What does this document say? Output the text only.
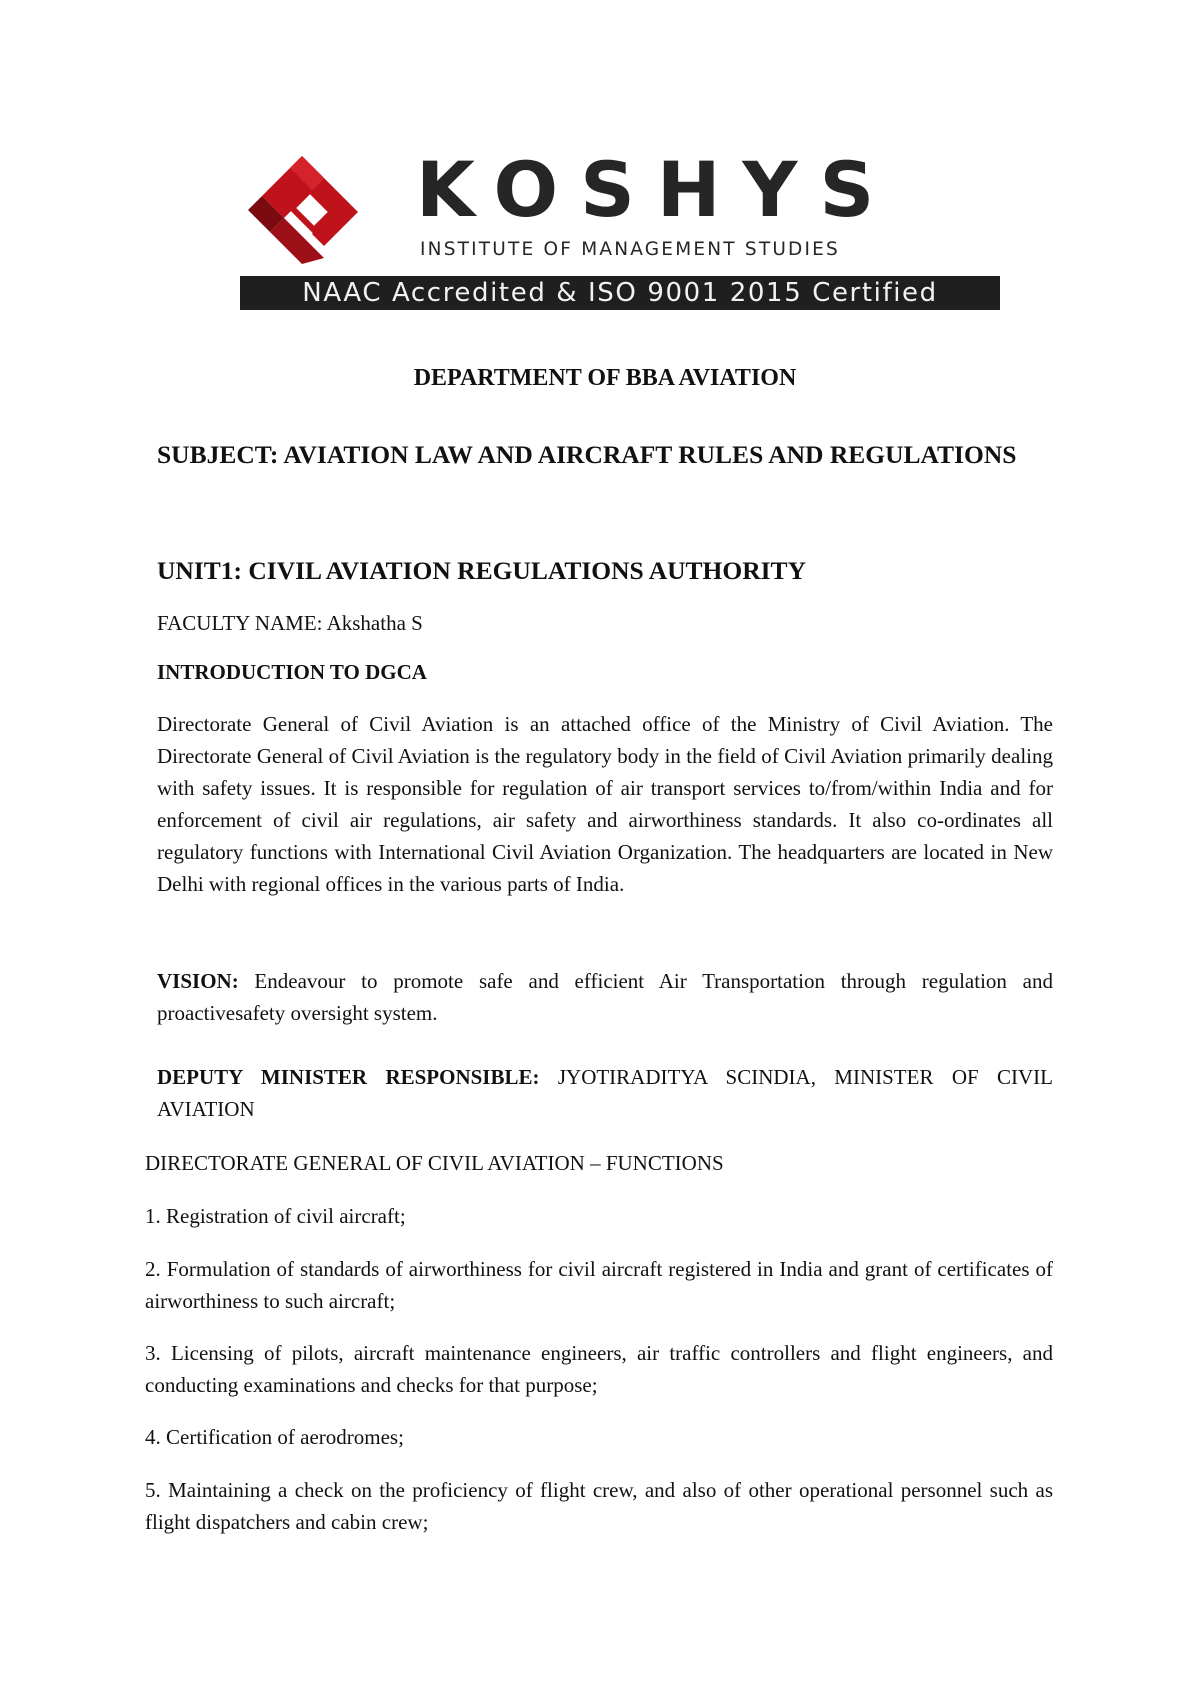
KOSHYS
INSTITUTE OF MANAGEMENT STUDIES
NAAC Accredited & ISO 9001 2015 Certified
DEPARTMENT OF BBA AVIATION
SUBJECT: AVIATION LAW AND AIRCRAFT RULES AND REGULATIONS
UNIT1: CIVIL AVIATION REGULATIONS AUTHORITY
FACULTY NAME: Akshatha S
INTRODUCTION TO DGCA
Directorate General of Civil Aviation is an attached office of the Ministry of Civil Aviation. The Directorate General of Civil Aviation is the regulatory body in the field of Civil Aviation primarily dealing with safety issues. It is responsible for regulation of air transport services to/from/within India and for enforcement of civil air regulations, air safety and airworthiness standards. It also co-ordinates all regulatory functions with International Civil Aviation Organization. The headquarters are located in New Delhi with regional offices in the various parts of India.
VISION: Endeavour to promote safe and efficient Air Transportation through regulation and proactivesafety oversight system.
DEPUTY MINISTER RESPONSIBLE: JYOTIRADITYA SCINDIA, MINISTER OF CIVIL AVIATION
DIRECTORATE GENERAL OF CIVIL AVIATION – FUNCTIONS
1. Registration of civil aircraft;
2. Formulation of standards of airworthiness for civil aircraft registered in India and grant of certificates of airworthiness to such aircraft;
3. Licensing of pilots, aircraft maintenance engineers, air traffic controllers and flight engineers, and conducting examinations and checks for that purpose;
4. Certification of aerodromes;
5. Maintaining a check on the proficiency of flight crew, and also of other operational personnel such as flight dispatchers and cabin crew;
